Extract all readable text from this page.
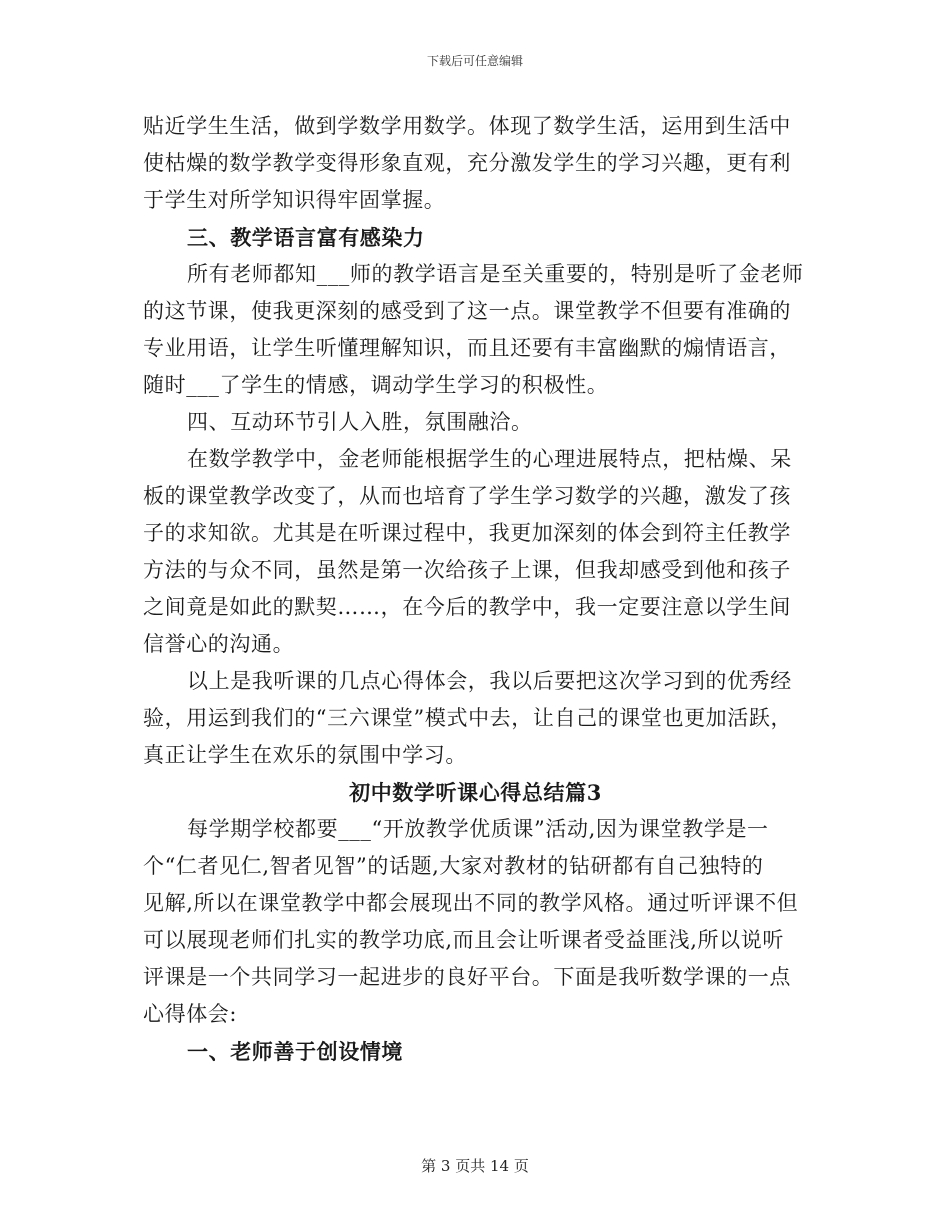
下载后可任意编辑
贴近学生生活，做到学数学用数学。体现了数学生活，运用到生活中
使枯燥的数学教学变得形象直观，充分激发学生的学习兴趣，更有利
于学生对所学知识得牢固掌握。
三、教学语言富有感染力
所有老师都知___师的教学语言是至关重要的，特别是听了金老师
的这节课，使我更深刻的感受到了这一点。课堂教学不但要有准确的
专业用语，让学生听懂理解知识，而且还要有丰富幽默的煽情语言，
随时___了学生的情感，调动学生学习的积极性。
四、互动环节引人入胜，氛围融洽。
在数学教学中，金老师能根据学生的心理进展特点，把枯燥、呆
板的课堂教学改变了，从而也培育了学生学习数学的兴趣，激发了孩
子的求知欲。尤其是在听课过程中，我更加深刻的体会到符主任教学
方法的与众不同，虽然是第一次给孩子上课，但我却感受到他和孩子
之间竟是如此的默契……，在今后的教学中，我一定要注意以学生间
信誉心的沟通。
以上是我听课的几点心得体会，我以后要把这次学习到的优秀经
验，用运到我们的“三六课堂”模式中去，让自己的课堂也更加活跃，
真正让学生在欢乐的氛围中学习。
初中数学听课心得总结篇3
每学期学校都要___“开放教学优质课”活动,因为课堂教学是一
个“仁者见仁,智者见智”的话题,大家对教材的钻研都有自己独特的
见解,所以在课堂教学中都会展现出不同的教学风格。通过听评课不但
可以展现老师们扎实的教学功底,而且会让听课者受益匪浅,所以说听
评课是一个共同学习一起进步的良好平台。下面是我听数学课的一点
心得体会:
一、老师善于创设情境
第 3 页共 14 页
